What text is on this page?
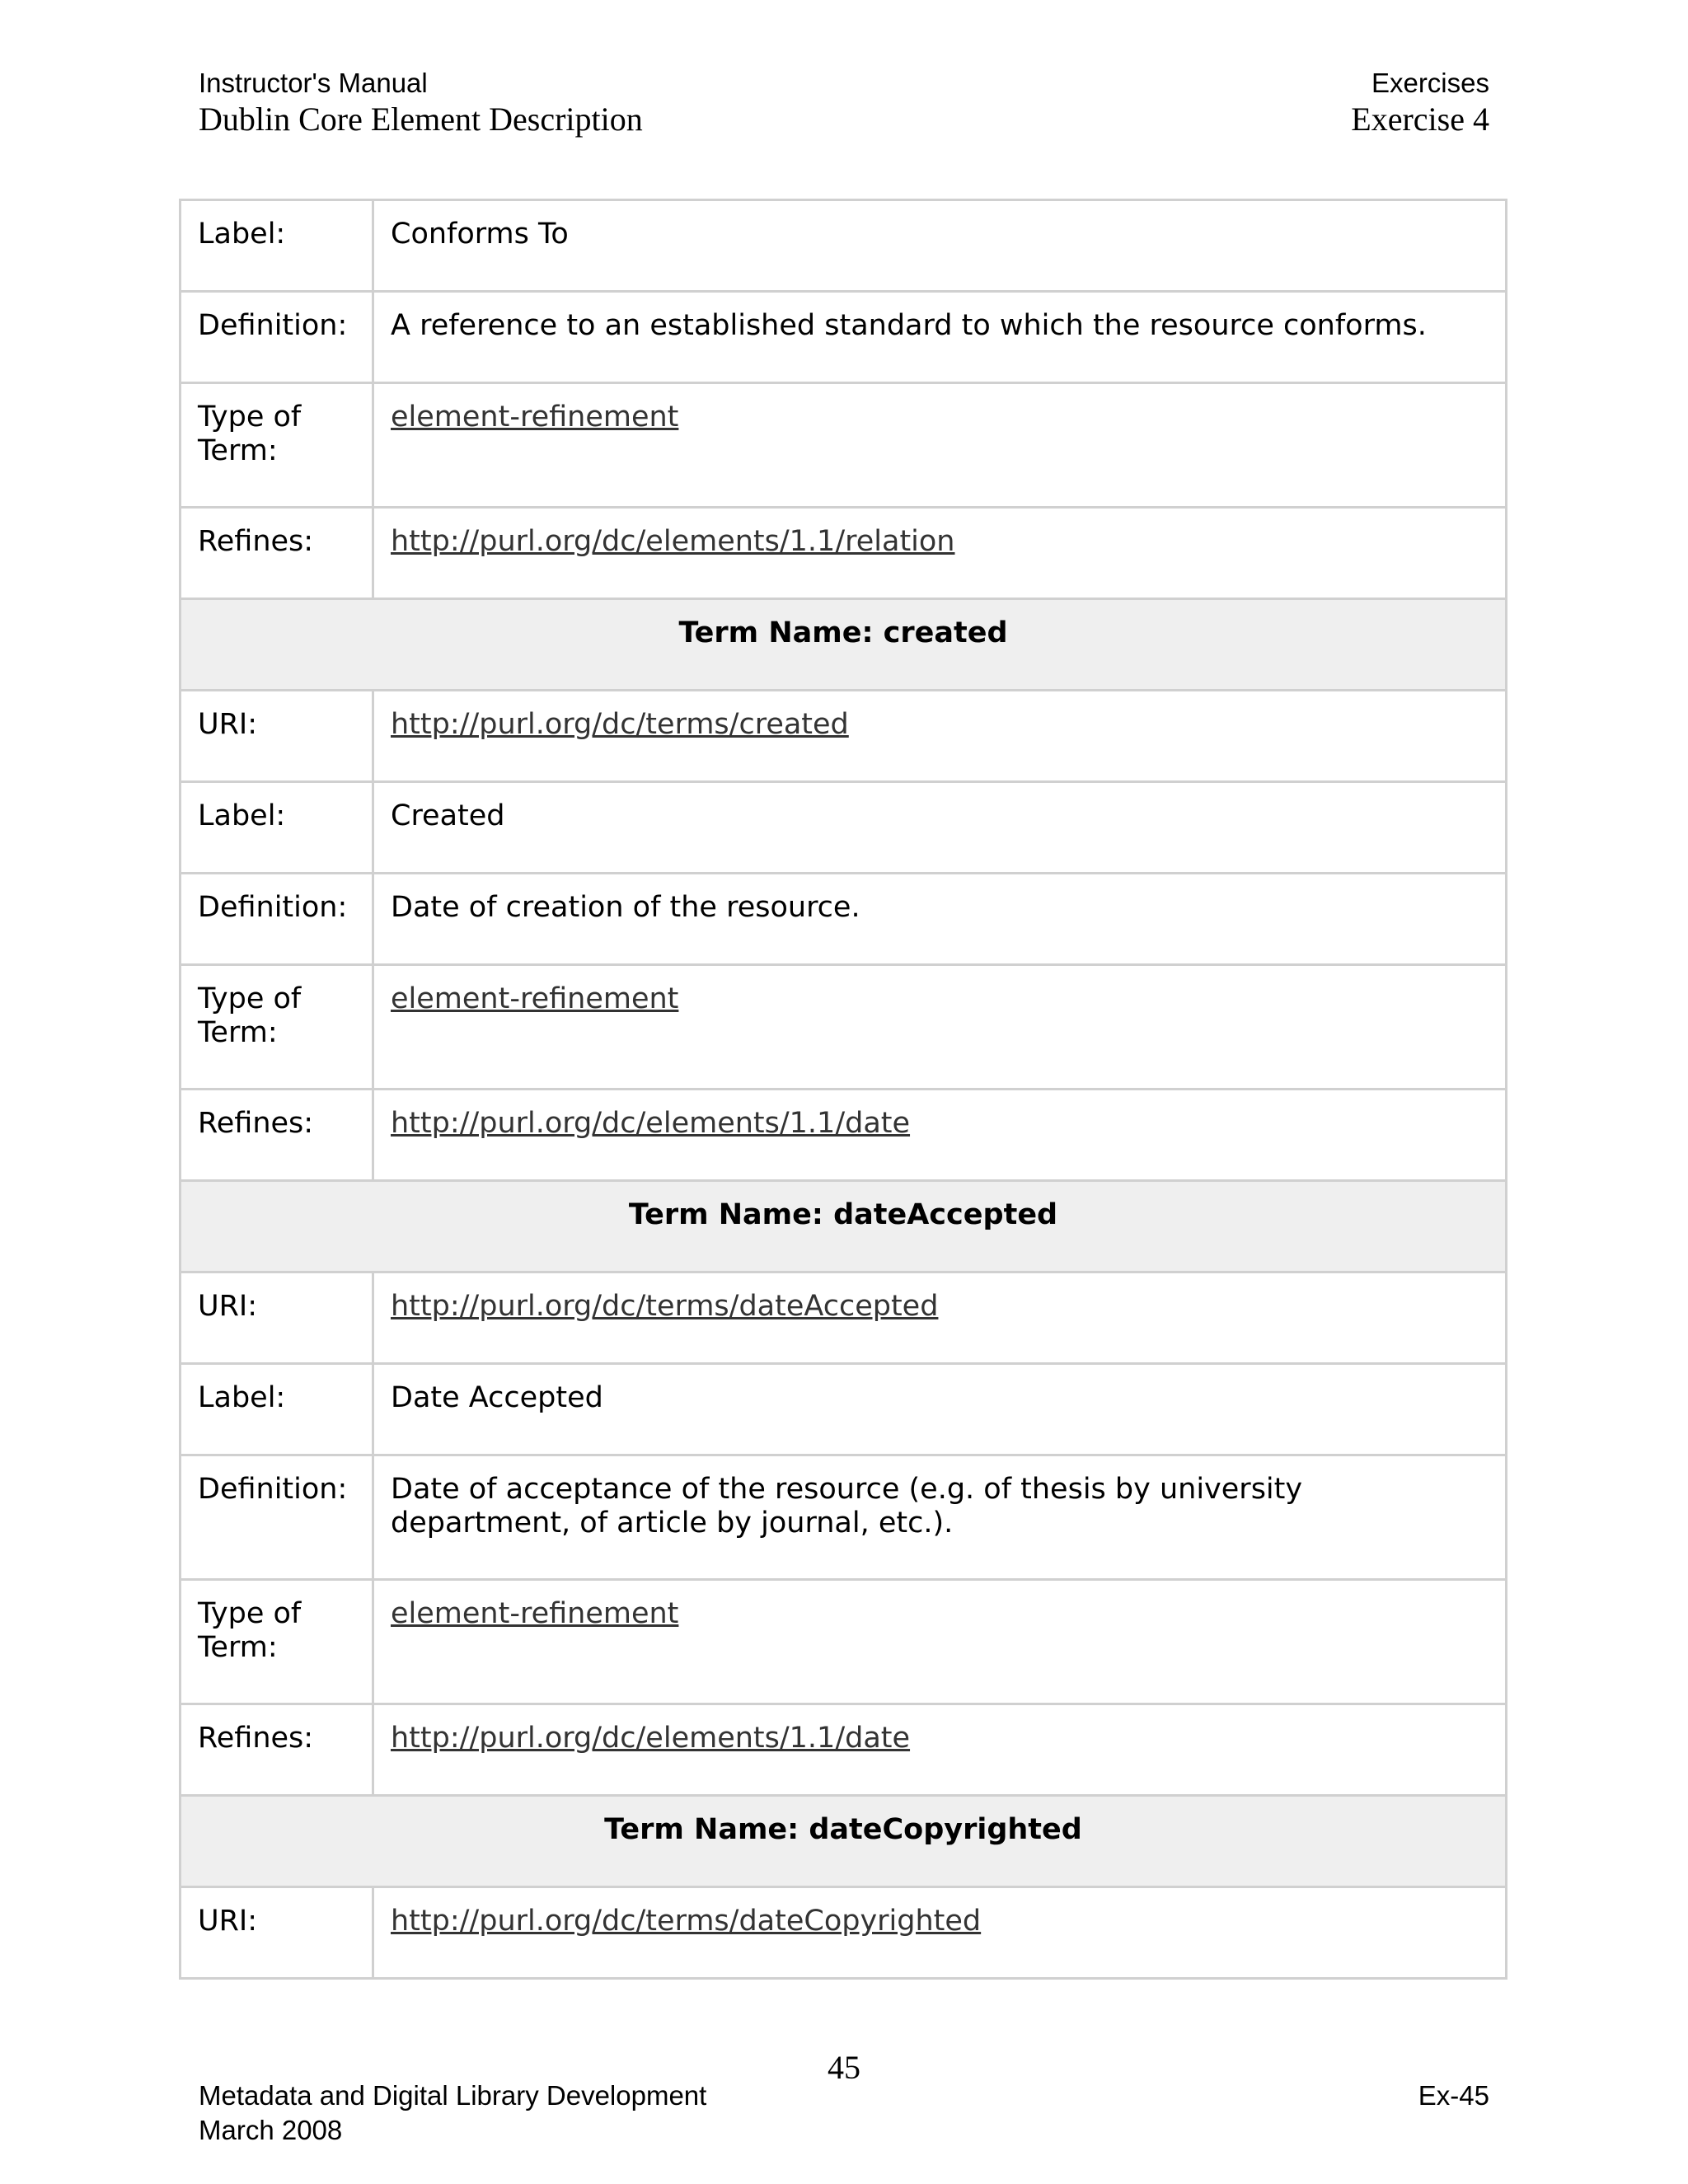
Instructor's Manual
Dublin Core Element Description
Exercises
Exercise 4
Label:	Conforms To
Definition:	A reference to an established standard to which the resource conforms.
Type of Term:	element-refinement
Refines:	http://purl.org/dc/elements/1.1/relation
Term Name: created	
URI:	http://purl.org/dc/terms/created
Label:	Created
Definition:	Date of creation of the resource.
Type of Term:	element-refinement
Refines:	http://purl.org/dc/elements/1.1/date
Term Name: dateAccepted	
URI:	http://purl.org/dc/terms/dateAccepted
Label:	Date Accepted
Definition:	Date of acceptance of the resource (e.g. of thesis by university department, of article by journal, etc.).
Type of Term:	element-refinement
Refines:	http://purl.org/dc/elements/1.1/date
Term Name: dateCopyrighted	
URI:	http://purl.org/dc/terms/dateCopyrighted
45
Metadata and Digital Library Development
March 2008
Ex-45
